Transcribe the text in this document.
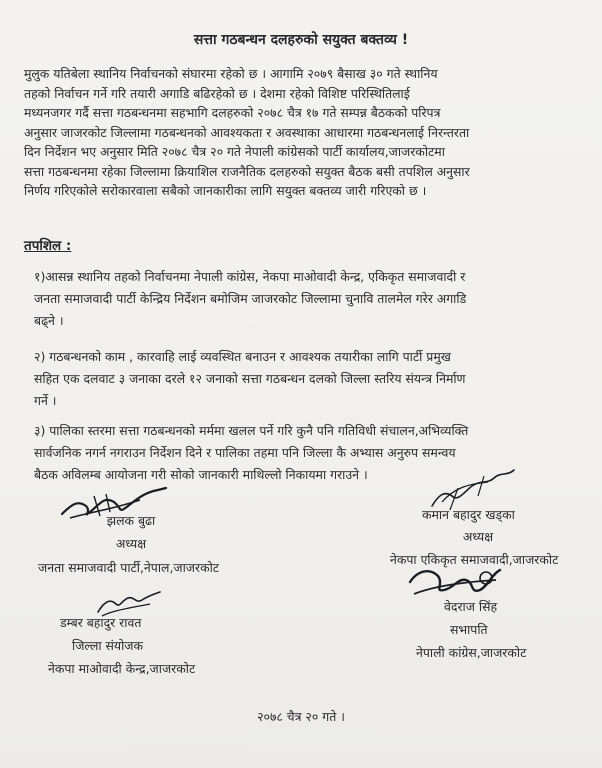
सत्ता गठबन्धन दलहरुको सयुक्त बक्तव्य !
मुलुक यतिबेला स्थानिय निर्वाचनको संघारमा रहेको छ । आगामि २०७९ बैसाख ३० गते स्थानिय
तहको निर्वाचन गर्ने गरि तयारी अगाडि बढिरहेको छ । देशमा रहेको विशिष्ट परिस्थितिलाई
मध्यनजगर गर्दै सत्ता गठबन्धनमा सहभागि दलहरुको २०७८ चैत्र १७ गते सम्पन्न बैठकको परिपत्र
अनुसार जाजरकोट जिल्लामा गठबन्धनको आवश्यकता र अवस्थाका आधारमा गठबन्धनलाई निरन्तरता
दिन निर्देशन भए अनुसार मिति २०७८ चैत्र २० गते नेपाली कांग्रेसको पार्टी कार्यालय,जाजरकोटमा
सत्ता गठबन्धनमा रहेका जिल्लामा क्रियाशिल राजनैतिक दलहरुको सयुक्त बैठक बसी तपशिल अनुसार
निर्णय गरिएकोले सरोकारवाला सबैको जानकारीका लागि सयुक्त बक्तव्य जारी गरिएको छ ।
तपशिल :
१)आसन्न स्थानिय तहको निर्वाचनमा नेपाली कांग्रेस, नेकपा माओवादी केन्द्र, एकिकृत समाजवादी र
जनता समाजवादी पार्टी केन्द्रिय निर्देशन बमोजिम जाजरकोट जिल्लामा चुनावि तालमेल गरेर अगाडि
बढ्ने ।
२) गठबन्धनको काम , कारवाहि लाई व्यवस्थित बनाउन र आवश्यक तयारीका लागि पार्टी प्रमुख
सहित एक दलवाट ३ जनाका दरले १२ जनाको सत्ता गठबन्धन दलको जिल्ला स्तरिय संयन्त्र निर्माण
गर्ने ।
३) पालिका स्तरमा सत्ता गठबन्धनको मर्ममा खलल पर्ने गरि कुनै पनि गतिविधी संचालन,अभिव्यक्ति
सार्वजनिक नगर्न नगराउन निर्देशन दिने र पालिका तहमा पनि जिल्ला कै अभ्यास अनुरुप समन्वय
बैठक अविलम्ब आयोजना गरी सोको जानकारी माथिल्लो निकायमा गराउने ।
झलक बुढा
अध्यक्ष
जनता समाजवादी पार्टी,नेपाल,जाजरकोट
कमान बहादुर खड्का
अध्यक्ष
नेकपा एकिकृत समाजवादी,जाजरकोट
डम्बर बहादुर रावत
जिल्ला संयोजक
नेकपा माओवादी केन्द्र,जाजरकोट
वेदराज सिंह
सभापति
नेपाली कांग्रेस,जाजरकोट
२०७८ चैत्र २० गते ।
